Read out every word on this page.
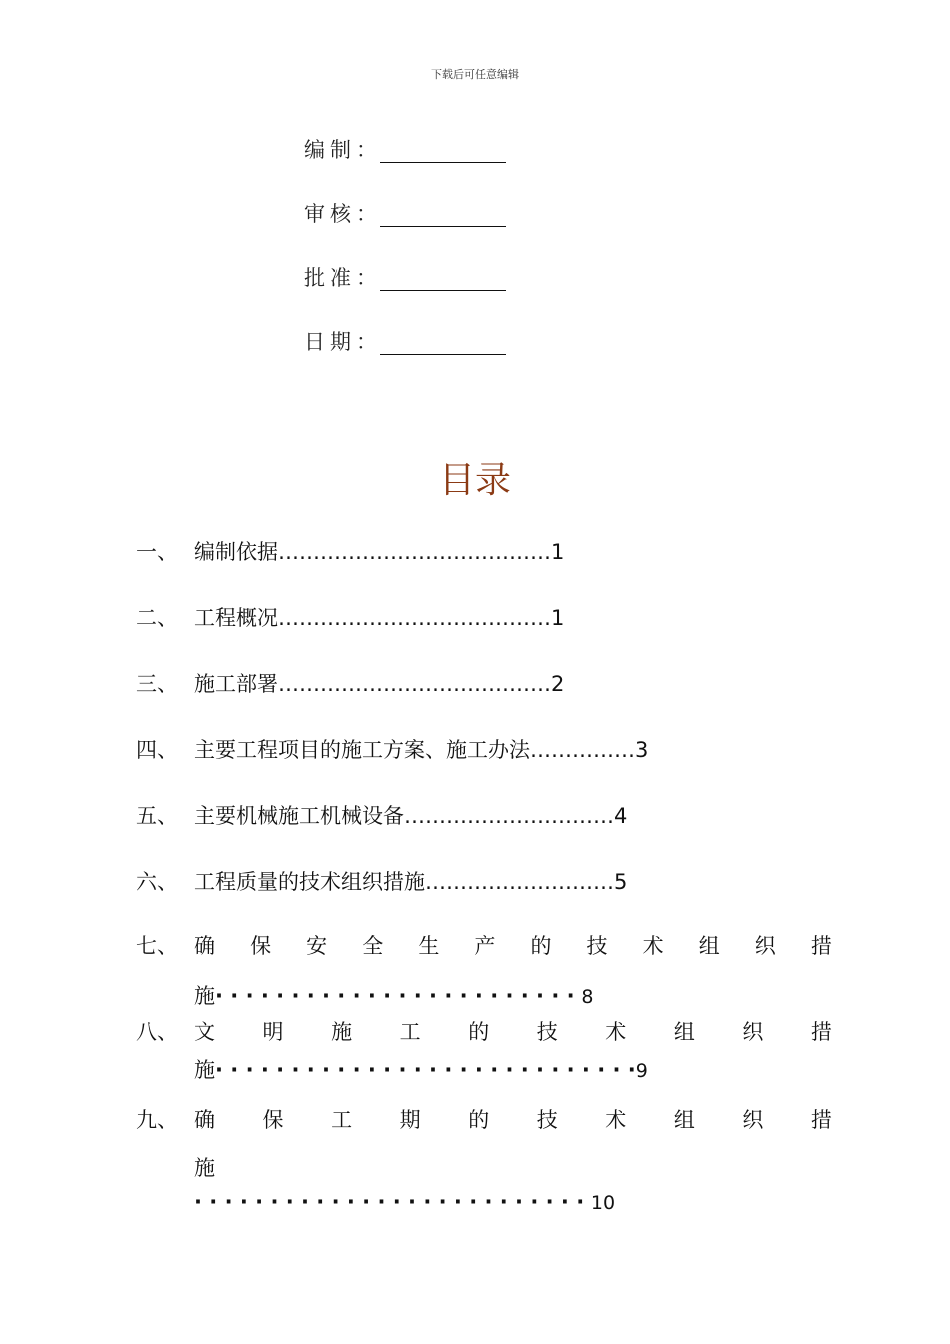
下载后可任意编辑
编制：
审核：
批准：
日期：
目录
一、 编制依据…………………………………1
二、 工程概况…………………………………1
三、 施工部署…………………………………2
四、 主要工程项目的施工方案、施工办法……………3
五、 主要机械施工机械设备…………………………4
六、 工程质量的技术组织措施………………………5
七、 确 保 安 全 生 产 的 技 术 组 织 措
施· · · · · · · · · · · · · · · · · · · · · · · · 8
八、 文 明 施 工 的 技 术 组 织 措
施· · · · · · · · · · · · · · · · · · · · · · · · · · · ·9
九、 确 保 工 期 的 技 术 组 织 措
施
· · · · · · · · · · · · · · · · · · · · · · · · · · 10
